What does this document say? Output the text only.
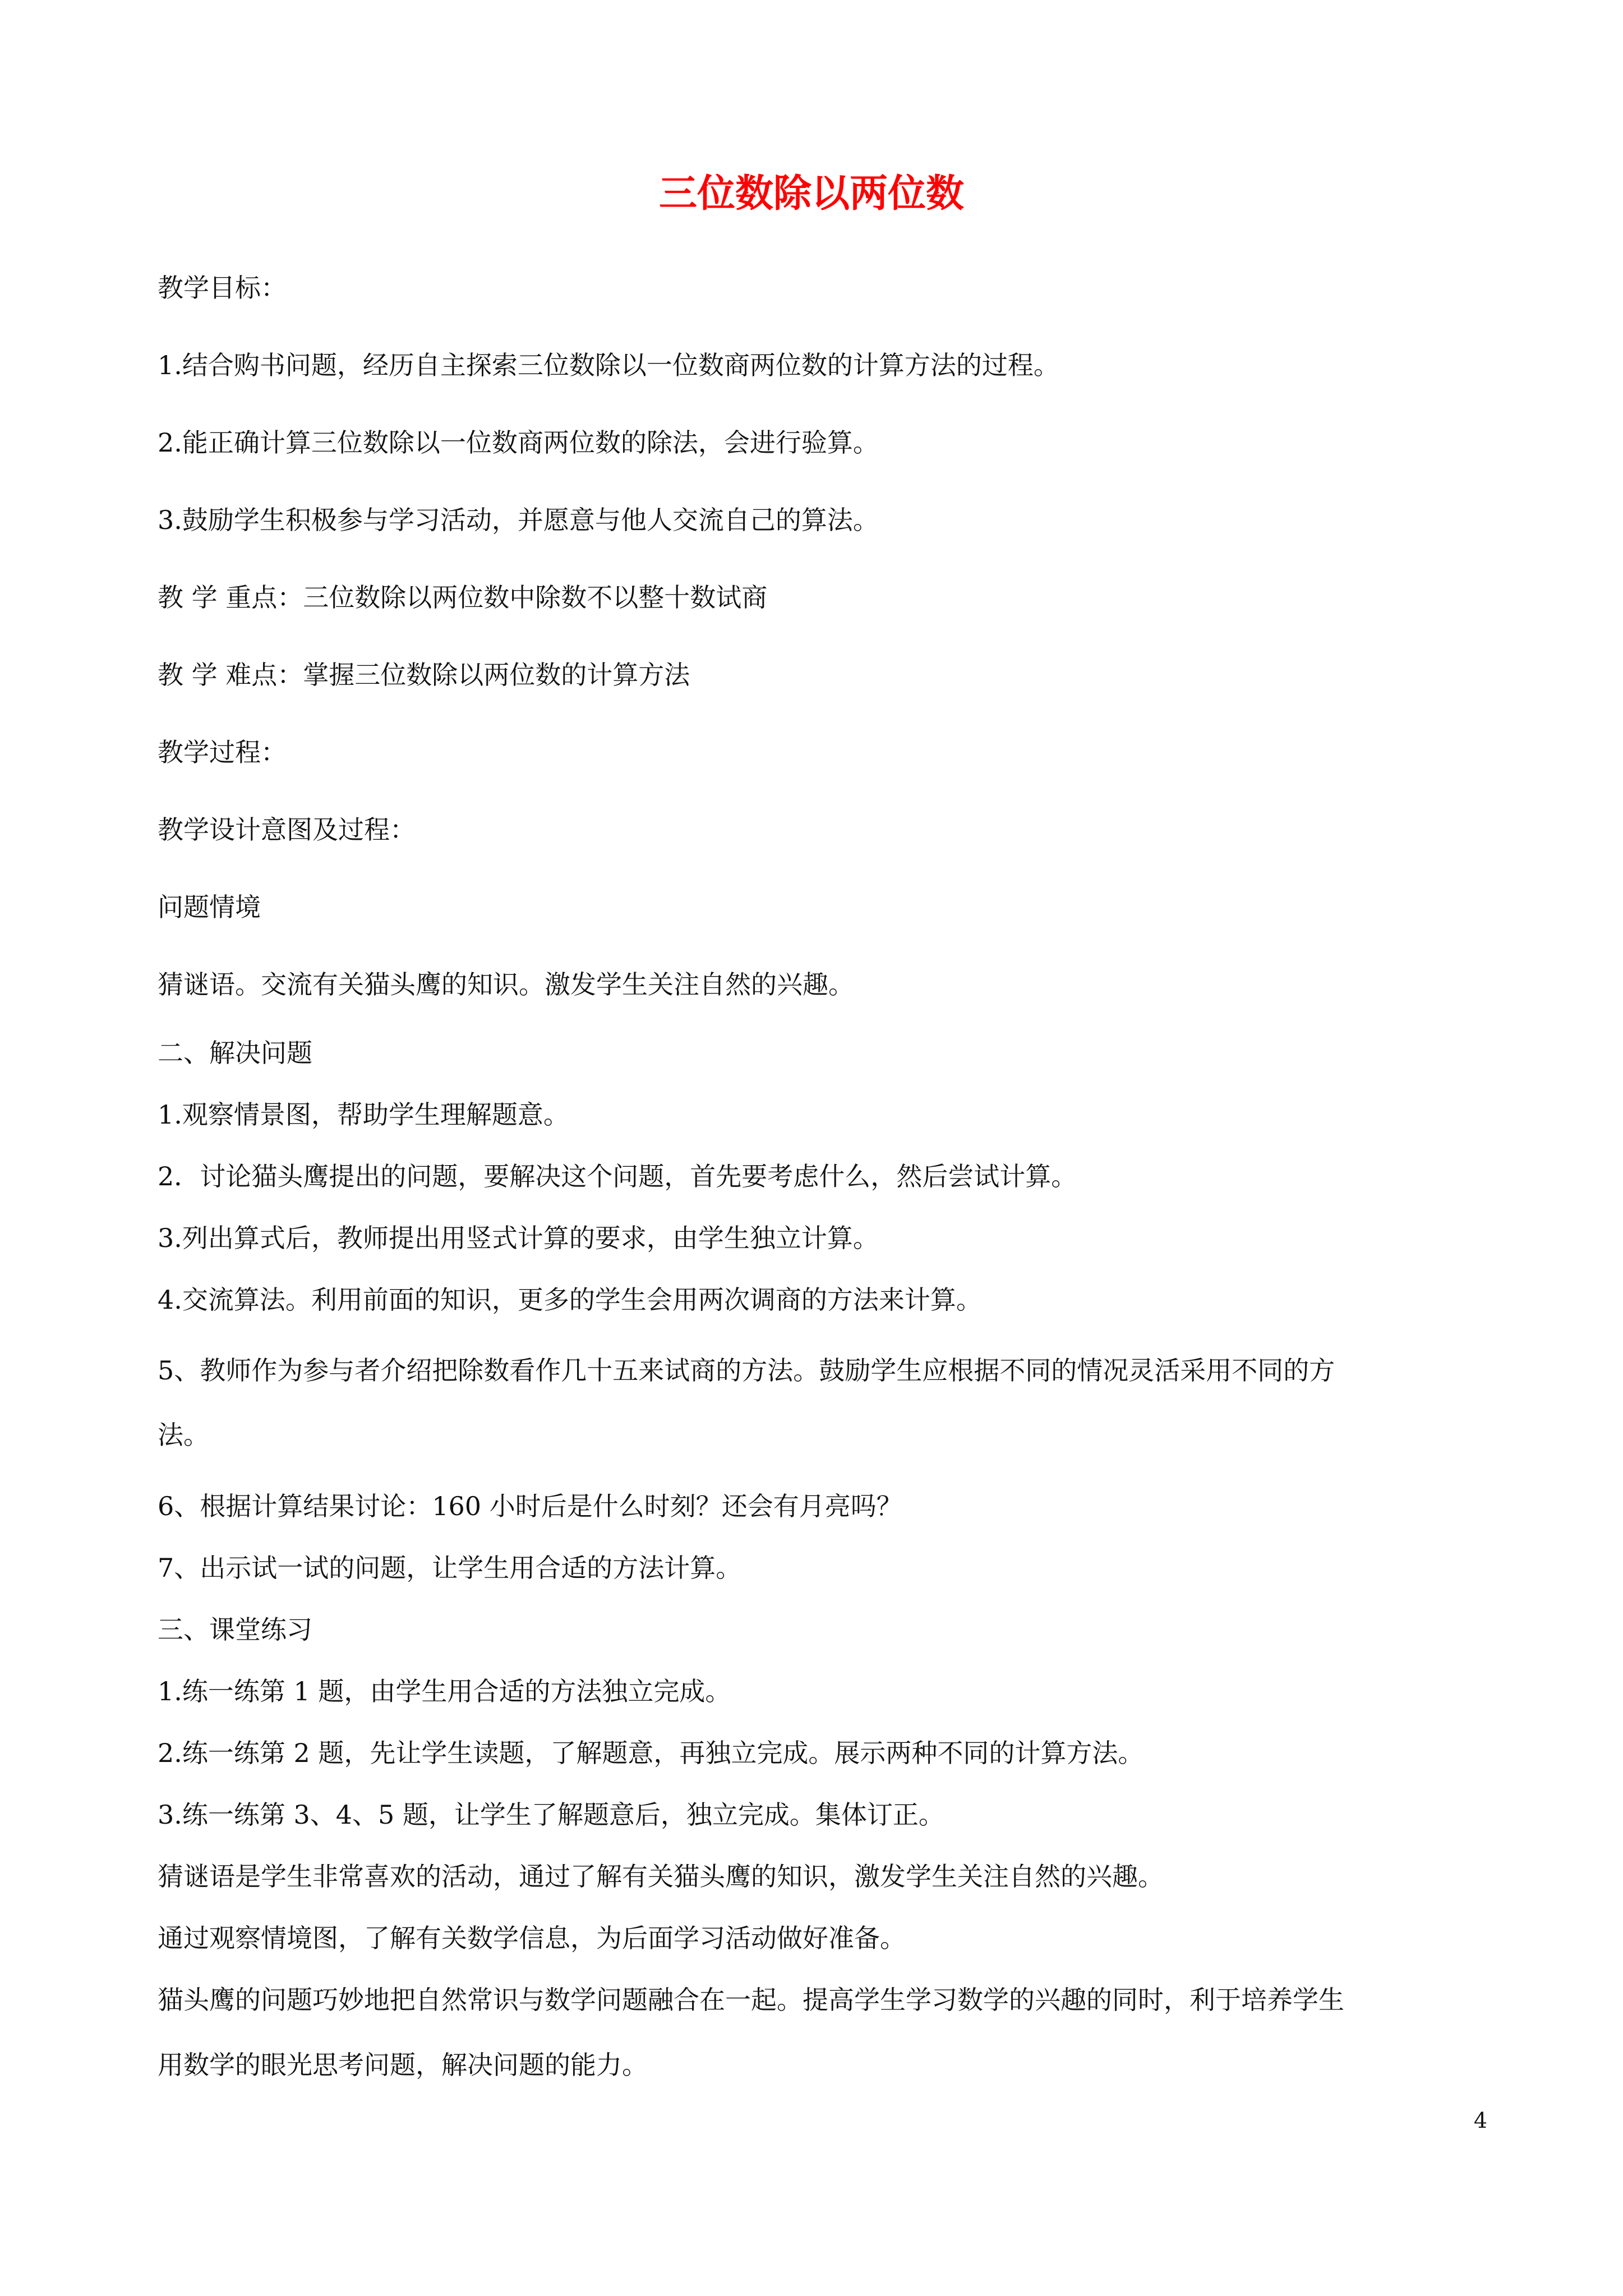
三位数除以两位数

教学目标：

1.结合购书问题，经历自主探索三位数除以一位数商两位数的计算方法的过程。

2.能正确计算三位数除以一位数商两位数的除法，会进行验算。

3.鼓励学生积极参与学习活动，并愿意与他人交流自己的算法。

教 学 重点：三位数除以两位数中除数不以整十数试商

教 学 难点：掌握三位数除以两位数的计算方法

教学过程：

教学设计意图及过程：

问题情境

猜谜语。交流有关猫头鹰的知识。激发学生关注自然的兴趣。

二、解决问题

1.观察情景图，帮助学生理解题意。

2．讨论猫头鹰提出的问题，要解决这个问题，首先要考虑什么，然后尝试计算。

3.列出算式后，教师提出用竖式计算的要求，由学生独立计算。

4.交流算法。利用前面的知识，更多的学生会用两次调商的方法来计算。

5、教师作为参与者介绍把除数看作几十五来试商的方法。鼓励学生应根据不同的情况灵活采用不同的方

法。

6、根据计算结果讨论：160 小时后是什么时刻？还会有月亮吗？

7、出示试一试的问题，让学生用合适的方法计算。

三、课堂练习

1.练一练第 1 题，由学生用合适的方法独立完成。

2.练一练第 2 题，先让学生读题，了解题意，再独立完成。展示两种不同的计算方法。

3.练一练第 3、4、5 题，让学生了解题意后，独立完成。集体订正。

猜谜语是学生非常喜欢的活动，通过了解有关猫头鹰的知识，激发学生关注自然的兴趣。

通过观察情境图，了解有关数学信息，为后面学习活动做好准备。

猫头鹰的问题巧妙地把自然常识与数学问题融合在一起。提高学生学习数学的兴趣的同时，利于培养学生

用数学的眼光思考问题，解决问题的能力。

4
